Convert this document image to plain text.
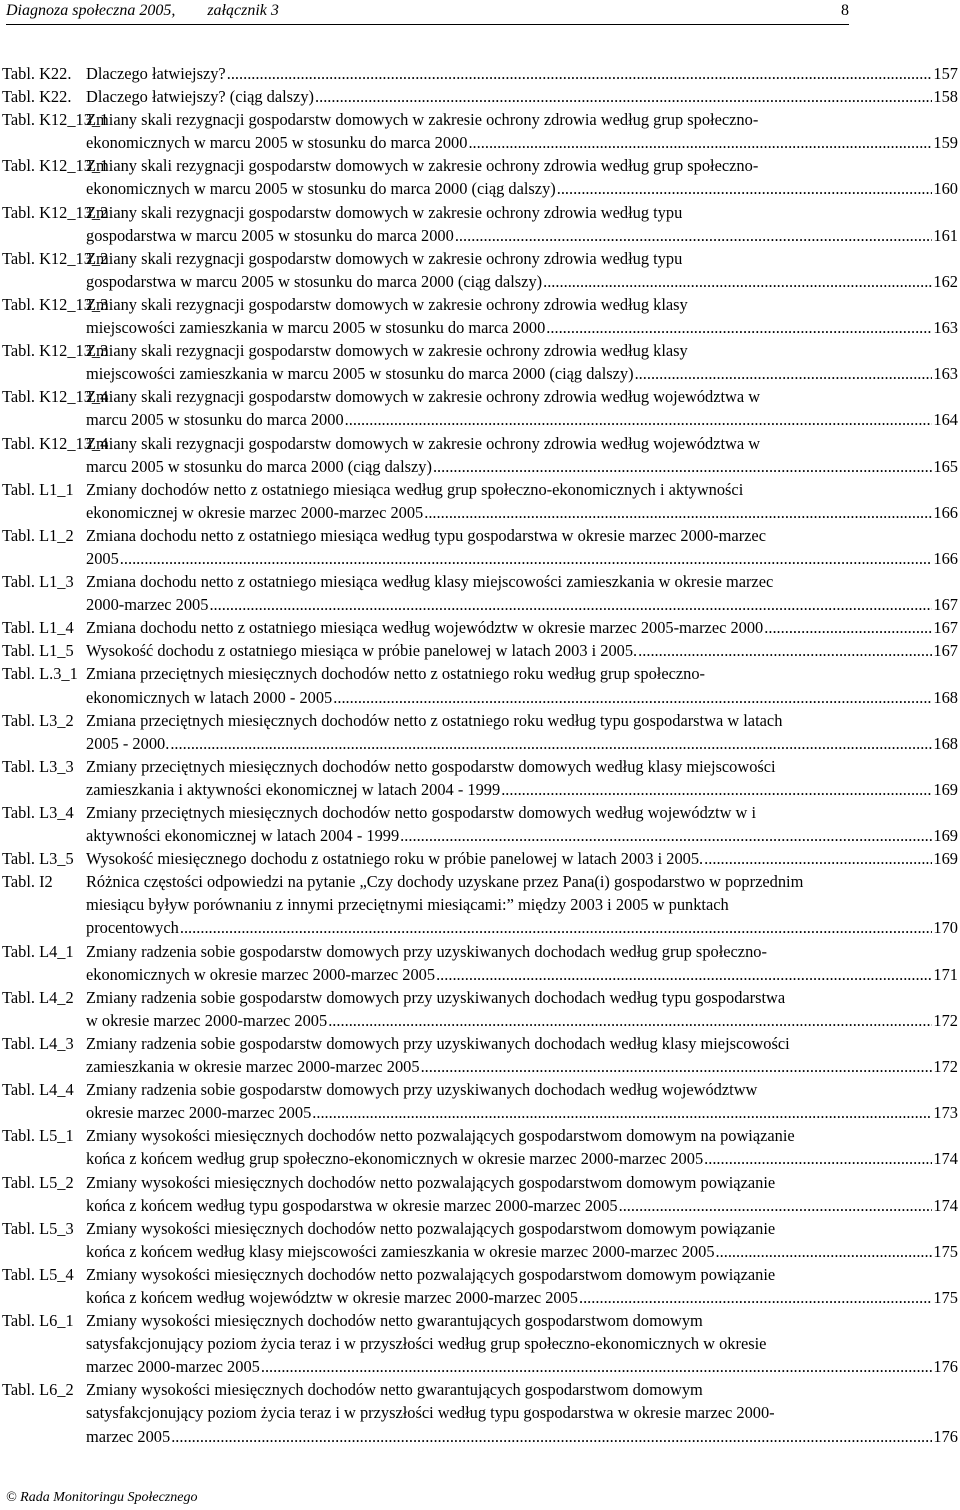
Diagnoza społeczna 2005,  załącznik 3	8
Tabl. K22. Dlaczego łatwiejszy? .....	157
Tabl. K22. Dlaczego łatwiejszy? (ciąg dalszy) .....	158
Tabl. K12_13_1
Zmiany skali rezygnacji gospodarstw domowych w zakresie ochrony zdrowia według grup społeczno-
ekonomicznych w marcu 2005 w stosunku do marca 2000 .....	159
Tabl. K12_13_1
Zmiany skali rezygnacji gospodarstw domowych w zakresie ochrony zdrowia według grup społeczno-
ekonomicznych w marcu 2005 w stosunku do marca 2000 (ciąg dalszy) .....	160
Tabl. K12_13_2
Zmiany skali rezygnacji gospodarstw domowych w zakresie ochrony zdrowia według typu
gospodarstwa w marcu 2005 w stosunku do marca 2000 .....	161
Tabl. K12_13_2
Zmiany skali rezygnacji gospodarstw domowych w zakresie ochrony zdrowia według typu
gospodarstwa w marcu 2005 w stosunku do marca 2000 (ciąg dalszy) .....	162
Tabl. K12_13_3
Zmiany skali rezygnacji gospodarstw domowych w zakresie ochrony zdrowia według klasy
miejscowości zamieszkania w marcu 2005 w stosunku do marca 2000 .....	163
Tabl. K12_13_3
Zmiany skali rezygnacji gospodarstw domowych w zakresie ochrony zdrowia według klasy
miejscowości zamieszkania w marcu 2005 w stosunku do marca 2000 (ciąg dalszy) .....	163
Tabl. K12_13_4
Zmiany skali rezygnacji gospodarstw domowych w zakresie ochrony zdrowia według województwa w
marcu 2005 w stosunku do marca 2000 .....	164
Tabl. K12_13_4
Zmiany skali rezygnacji gospodarstw domowych w zakresie ochrony zdrowia według województwa w
marcu 2005 w stosunku do marca 2000 (ciąg dalszy) .....	165
Tabl. L1_1 Zmiany dochodów netto z ostatniego miesiąca według grup społeczno-ekonomicznych i aktywności
ekonomicznej w okresie marzec 2000-marzec 2005 .....	166
Tabl. L1_2 Zmiana dochodu netto z ostatniego miesiąca według typu gospodarstwa w okresie marzec 2000-marzec
2005 .....	166
Tabl. L1_3 Zmiana dochodu netto z ostatniego miesiąca według klasy miejscowości zamieszkania w okresie marzec
2000-marzec 2005 .....	167
Tabl. L1_4 Zmiana dochodu netto z ostatniego miesiąca według województw w okresie marzec 2005-marzec 2000 .....	167
Tabl. L1_5 Wysokość dochodu z ostatniego miesiąca w próbie panelowej w latach 2003 i 2005. .....	167
Tabl. L.3_1 Zmiana przeciętnych miesięcznych dochodów netto z ostatniego roku według grup społeczno-
ekonomicznych w latach 2000 - 2005 .....	168
Tabl. L3_2 Zmiana przeciętnych miesięcznych dochodów netto z ostatniego roku według typu gospodarstwa w latach
2005 - 2000. .....	168
Tabl. L3_3 Zmiany przeciętnych miesięcznych dochodów netto gospodarstw domowych według klasy miejscowości
zamieszkania i aktywności ekonomicznej w latach 2004 - 1999 .....	169
Tabl. L3_4 Zmiany przeciętnych miesięcznych dochodów netto gospodarstw domowych według województw w i
aktywności ekonomicznej w latach 2004 - 1999 .....	169
Tabl. L3_5 Wysokość miesięcznego dochodu z ostatniego roku w próbie panelowej w latach 2003 i 2005. .....	169
Tabl. I2 Różnica częstości odpowiedzi na pytanie „Czy dochody uzyskane przez Pana(i) gospodarstwo w poprzednim
miesiącu byływ porównaniu z innymi przeciętnymi miesiącami:” między 2003 i 2005 w punktach
procentowych .....	170
Tabl. L4_1 Zmiany radzenia sobie gospodarstw domowych przy uzyskiwanych dochodach według grup społeczno-
ekonomicznych w okresie marzec 2000-marzec 2005 .....	171
Tabl. L4_2 Zmiany radzenia sobie gospodarstw domowych przy uzyskiwanych dochodach według typu gospodarstwa
w okresie marzec 2000-marzec 2005 .....	172
Tabl. L4_3 Zmiany radzenia sobie gospodarstw domowych przy uzyskiwanych dochodach według klasy miejscowości
zamieszkania w okresie marzec 2000-marzec 2005 .....	172
Tabl. L4_4 Zmiany radzenia sobie gospodarstw domowych przy uzyskiwanych dochodach według województww
okresie marzec 2000-marzec 2005 .....	173
Tabl. L5_1 Zmiany wysokości miesięcznych dochodów netto pozwalających gospodarstwom domowym na powiązanie
końca z końcem według grup społeczno-ekonomicznych w okresie marzec 2000-marzec 2005 .....	174
Tabl. L5_2 Zmiany wysokości miesięcznych dochodów netto pozwalających gospodarstwom domowym powiązanie
końca z końcem według typu gospodarstwa w okresie marzec 2000-marzec 2005 .....	174
Tabl. L5_3 Zmiany wysokości miesięcznych dochodów netto pozwalających gospodarstwom domowym powiązanie
końca z końcem według klasy miejscowości zamieszkania w okresie marzec 2000-marzec 2005 .....	175
Tabl. L5_4 Zmiany wysokości miesięcznych dochodów netto pozwalających gospodarstwom domowym powiązanie
końca z końcem według województw w okresie marzec 2000-marzec 2005 .....	175
Tabl. L6_1 Zmiany wysokości miesięcznych dochodów netto gwarantujących gospodarstwom domowym
satysfakcjonujący poziom życia teraz i w przyszłości według grup społeczno-ekonomicznych w okresie
marzec 2000-marzec 2005 .....	176
Tabl. L6_2 Zmiany wysokości miesięcznych dochodów netto gwarantujących gospodarstwom domowym
satysfakcjonujący poziom życia teraz i w przyszłości według typu gospodarstwa w okresie marzec 2000-
marzec 2005 .....	176
© Rada Monitoringu Społecznego
